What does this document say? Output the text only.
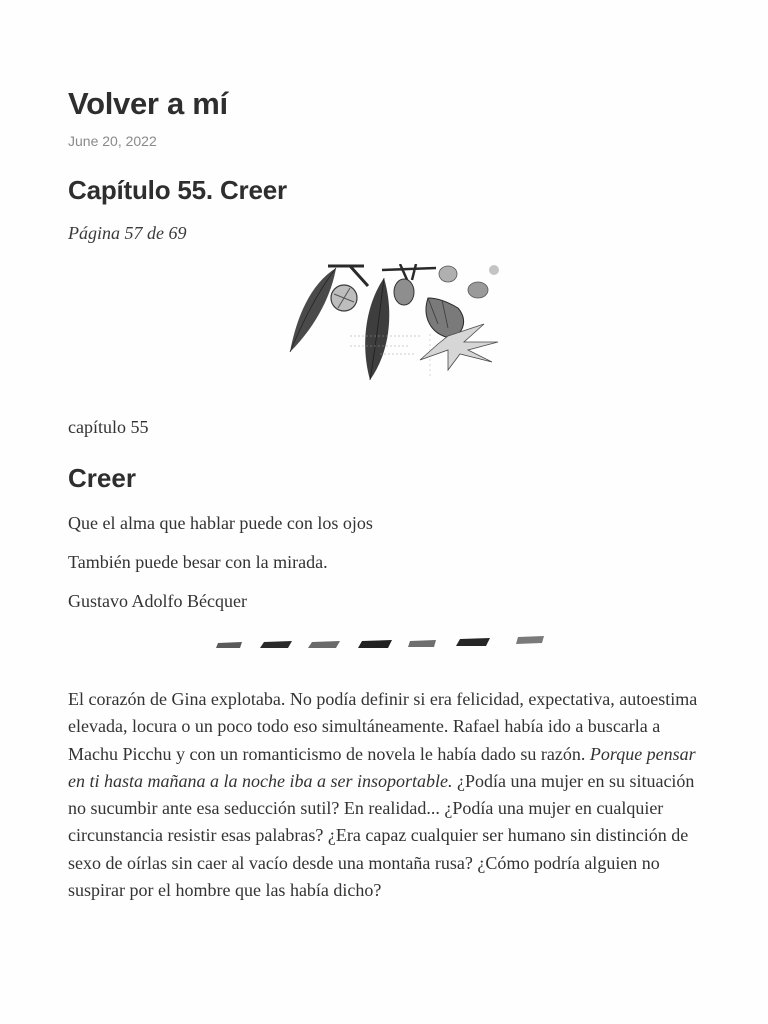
Volver a mí
June 20, 2022
Capítulo 55. Creer
Página 57 de 69
capítulo 55
Creer
Que el alma que hablar puede con los ojos
También puede besar con la mirada.
Gustavo Adolfo Bécquer

El corazón de Gina explotaba. No podía definir si era felicidad, expectativa, autoestima elevada, locura o un poco todo eso simultáneamente. Rafael había ido a buscarla a Machu Picchu y con un romanticismo de novela le había dado su razón. Porque pensar en ti hasta mañana a la noche iba a ser insoportable. ¿Podía una mujer en su situación no sucumbir ante esa seducción sutil? En realidad... ¿Podía una mujer en cualquier circunstancia resistir esas palabras? ¿Era capaz cualquier ser humano sin distinción de sexo de oírlas sin caer al vacío desde una montaña rusa? ¿Cómo podría alguien no suspirar por el hombre que las había dicho?
